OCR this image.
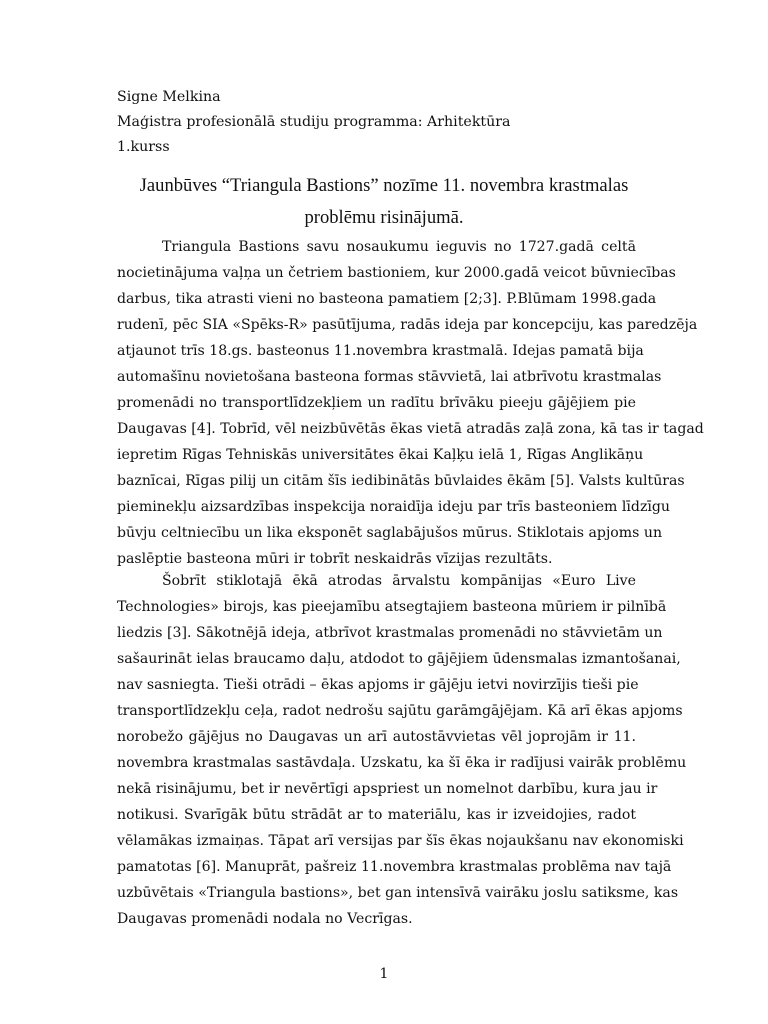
Signe Melkina
Maģistra profesionālā studiju programma: Arhitektūra
1.kurss
Jaunbūves “Triangula Bastions” nozīme 11. novembra krastmalas
problēmu risinājumā.
Triangula Bastions savu nosaukumu ieguvis no 1727.gadā celtā
nocietinājuma vaļņa un četriem bastioniem, kur 2000.gadā veicot būvniecības
darbus, tika atrasti vieni no basteona pamatiem [2;3]. P.Blūmam 1998.gada
rudenī, pēc SIA «Spēks-R» pasūtījuma, radās ideja par koncepciju, kas paredzēja
atjaunot trīs 18.gs. basteonus 11.novembra krastmalā. Idejas pamatā bija
automašīnu novietošana basteona formas stāvvietā, lai atbrīvotu krastmalas
promenādi no transportlīdzekļiem un radītu brīvāku pieeju gājējiem pie
Daugavas [4]. Tobrīd, vēl neizbūvētās ēkas vietā atradās zaļā zona, kā tas ir tagad
iepretim Rīgas Tehniskās universitātes ēkai Kaļķu ielā 1, Rīgas Anglikāņu
baznīcai, Rīgas pilij un citām šīs iedibinātās būvlaides ēkām [5]. Valsts kultūras
pieminekļu aizsardzības inspekcija noraidīja ideju par trīs basteoniem līdzīgu
būvju celtniecību un lika eksponēt saglabājušos mūrus. Stiklotais apjoms un
paslēptie basteona mūri ir tobrīt neskaidrās vīzijas rezultāts.
Šobrīt stiklotajā ēkā atrodas ārvalstu kompānijas «Euro Live
Technologies» birojs, kas pieejamību atsegtajiem basteona mūriem ir pilnībā
liedzis [3]. Sākotnējā ideja, atbrīvot krastmalas promenādi no stāvvietām un
sašaurināt ielas braucamo daļu, atdodot to gājējiem ūdensmalas izmantošanai,
nav sasniegta. Tieši otrādi – ēkas apjoms ir gājēju ietvi novirzījis tieši pie
transportlīdzekļu ceļa, radot nedrošu sajūtu garāmgājējam. Kā arī ēkas apjoms
norobežo gājējus no Daugavas un arī autostāvvietas vēl joprojām ir 11.
novembra krastmalas sastāvdaļa. Uzskatu, ka šī ēka ir radījusi vairāk problēmu
nekā risinājumu, bet ir nevērtīgi apspriest un nomelnot darbību, kura jau ir
notikusi. Svarīgāk būtu strādāt ar to materiālu, kas ir izveidojies, radot
vēlamākas izmaiņas. Tāpat arī versijas par šīs ēkas nojaukšanu nav ekonomiski
pamatotas [6]. Manuprāt, pašreiz 11.novembra krastmalas problēma nav tajā
uzbūvētais «Triangula bastions», bet gan intensīvā vairāku joslu satiksme, kas
Daugavas promenādi nodala no Vecrīgas.
1
